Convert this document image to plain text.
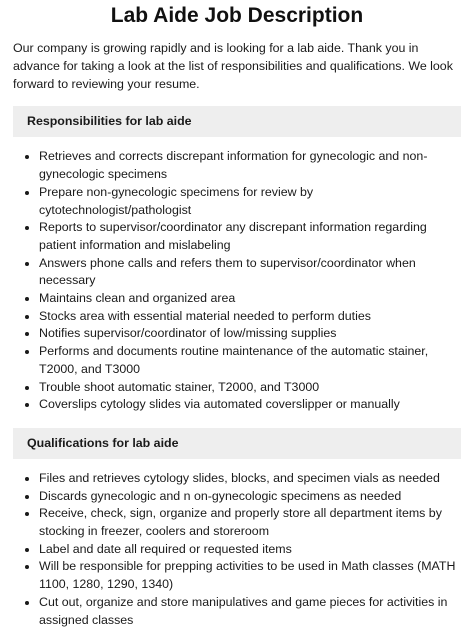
Lab Aide Job Description

Our company is growing rapidly and is looking for a lab aide. Thank you in advance for taking a look at the list of responsibilities and qualifications. We look forward to reviewing your resume.

Responsibilities for lab aide
Retrieves and corrects discrepant information for gynecologic and non-gynecologic specimens
Prepare non-gynecologic specimens for review by cytotechnologist/pathologist
Reports to supervisor/coordinator any discrepant information regarding patient information and mislabeling
Answers phone calls and refers them to supervisor/coordinator when necessary
Maintains clean and organized area
Stocks area with essential material needed to perform duties
Notifies supervisor/coordinator of low/missing supplies
Performs and documents routine maintenance of the automatic stainer, T2000, and T3000
Trouble shoot automatic stainer, T2000, and T3000
Coverslips cytology slides via automated coverslipper or manually
Qualifications for lab aide
Files and retrieves cytology slides, blocks, and specimen vials as needed
Discards gynecologic and n on-gynecologic specimens as needed
Receive, check, sign, organize and properly store all department items by stocking in freezer, coolers and storeroom
Label and date all required or requested items
Will be responsible for prepping activities to be used in Math classes (MATH 1100, 1280, 1290, 1340)
Cut out, organize and store manipulatives and game pieces for activities in assigned classes
